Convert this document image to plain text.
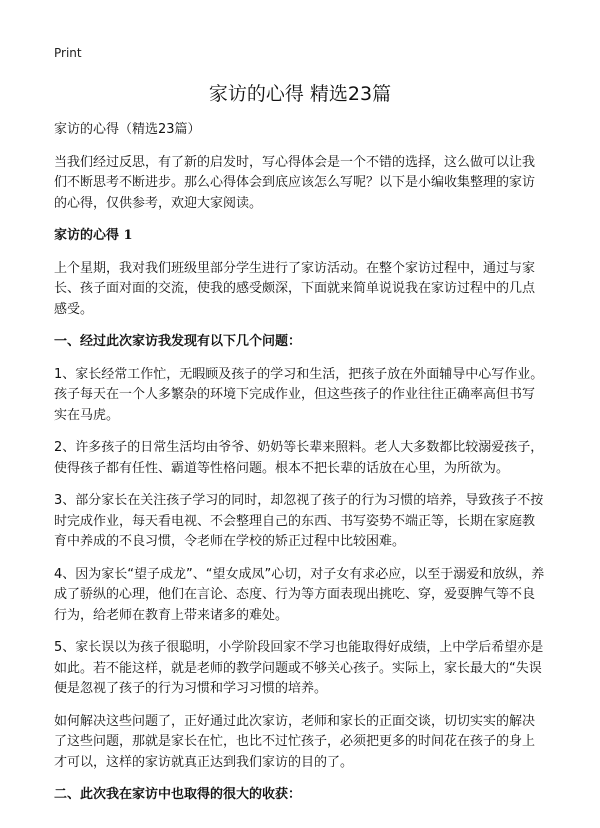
Print
家访的心得 精选23篇

家访的心得（精选23篇）

当我们经过反思，有了新的启发时，写心得体会是一个不错的选择，这么做可以让我们不断思考不断进步。那么心得体会到底应该怎么写呢？以下是小编收集整理的家访的心得，仅供参考，欢迎大家阅读。

家访的心得 1

上个星期，我对我们班级里部分学生进行了家访活动。在整个家访过程中，通过与家长、孩子面对面的交流，使我的感受颇深，下面就来简单说说我在家访过程中的几点感受。

一、经过此次家访我发现有以下几个问题：

1、家长经常工作忙，无暇顾及孩子的学习和生活，把孩子放在外面辅导中心写作业。孩子每天在一个人多繁杂的环境下完成作业，但这些孩子的作业往往正确率高但书写实在马虎。

2、许多孩子的日常生活均由爷爷、奶奶等长辈来照料。老人大多数都比较溺爱孩子，使得孩子都有任性、霸道等性格问题。根本不把长辈的话放在心里，为所欲为。

3、部分家长在关注孩子学习的同时，却忽视了孩子的行为习惯的培养，导致孩子不按时完成作业，每天看电视、不会整理自己的东西、书写姿势不端正等，长期在家庭教育中养成的不良习惯，令老师在学校的矫正过程中比较困难。

4、因为家长“望子成龙”、“望女成凤”心切，对子女有求必应，以至于溺爱和放纵，养成了骄纵的心理，他们在言论、态度、行为等方面表现出挑吃、穿，爱耍脾气等不良行为，给老师在教育上带来诸多的难处。

5、家长误以为孩子很聪明，小学阶段回家不学习也能取得好成绩，上中学后希望亦是如此。若不能这样，就是老师的教学问题或不够关心孩子。实际上，家长最大的“失误便是忽视了孩子的行为习惯和学习习惯的培养。

如何解决这些问题了，正好通过此次家访，老师和家长的正面交谈，切切实实的解决了这些问题，那就是家长在忙，也比不过忙孩子，必须把更多的时间花在孩子的身上才可以，这样的家访就真正达到我们家访的目的了。

二、此次我在家访中也取得的很大的收获：
